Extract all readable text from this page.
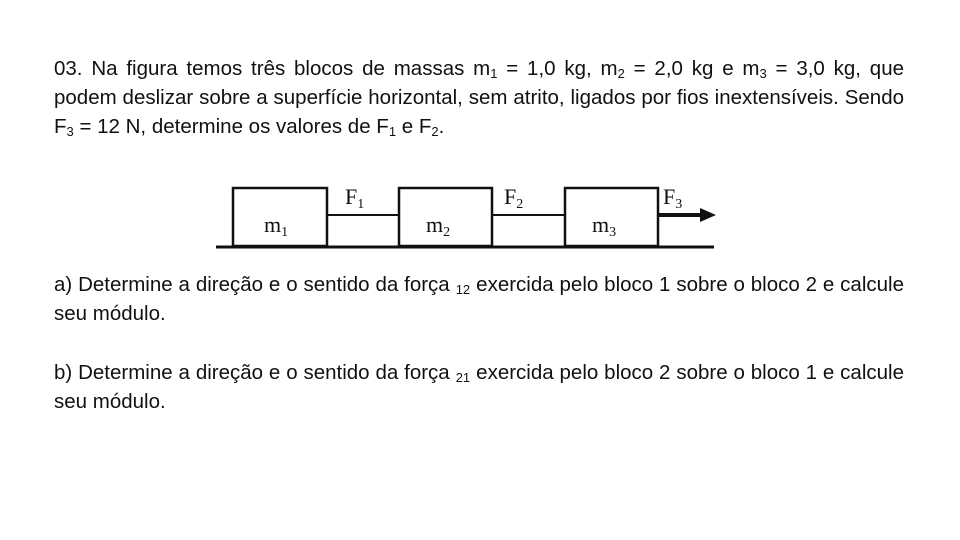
03. Na figura temos três blocos de massas $m_1 = 1,0$ kg, $m_2 = 2,0$ kg e $m_3 = 3,0$ kg, que podem deslizar sobre a superfície horizontal, sem atrito, ligados por fios inextensíveis. Sendo $F_3 = 12$ N, determine os valores de $F_1$ e $F_2$.

m1	m2	m3
F1	F2	F3

a) Determine a direção e o sentido da força $_{12}$ exercida pelo bloco 1 sobre o bloco 2 e calcule seu módulo.

b) Determine a direção e o sentido da força $_{21}$ exercida pelo bloco 2 sobre o bloco 1 e calcule seu módulo.
